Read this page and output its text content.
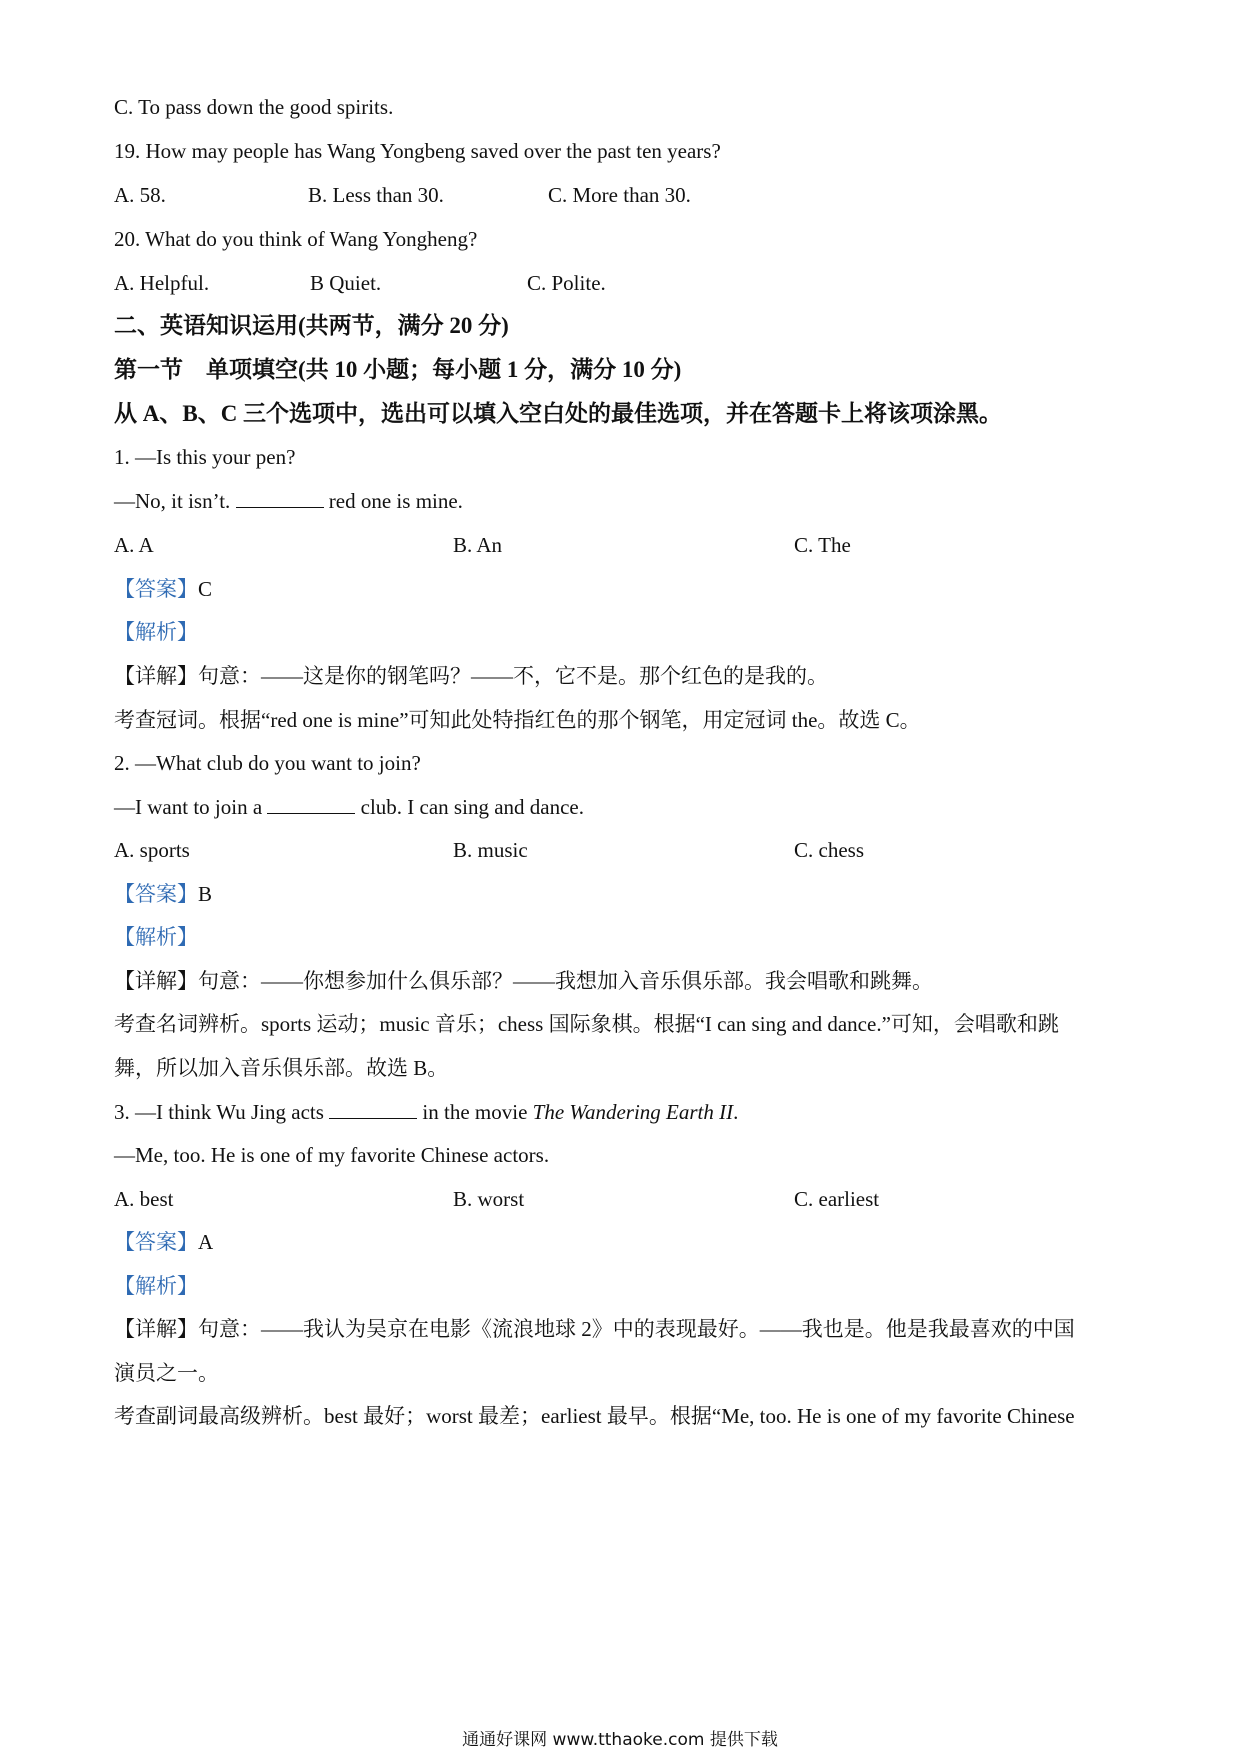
C. To pass down the good spirits.
19. How may people has Wang Yongbeng saved over the past ten years?
A. 58.	B. Less than 30.	C. More than 30.
20. What do you think of Wang Yongheng?
A. Helpful.	B Quiet.	C. Polite.
二、英语知识运用(共两节，满分 20 分)
第一节    单项填空(共 10 小题；每小题 1 分，满分 10 分)
从 A、B、C 三个选项中，选出可以填入空白处的最佳选项，并在答题卡上将该项涂黑。
1. —Is this your pen?
—No, it isn’t.	red one is mine.
A. A	B. An	C. The
【答案】C
【解析】
【详解】句意：——这是你的钢笔吗？——不，它不是。那个红色的是我的。
考查冠词。根据“red one is mine”可知此处特指红色的那个钢笔，用定冠词 the。故选 C。
2. —What club do you want to join?
—I want to join a	club. I can sing and dance.
A. sports	B. music	C. chess
【答案】B
【解析】
【详解】句意：——你想参加什么俱乐部？——我想加入音乐俱乐部。我会唱歌和跳舞。
考查名词辨析。sports 运动；music 音乐；chess 国际象棋。根据“I can sing and dance.”可知，会唱歌和跳
舞，所以加入音乐俱乐部。故选 B。
3. —I think Wu Jing acts	in the movie The Wandering Earth II.
—Me, too. He is one of my favorite Chinese actors.
A. best	B. worst	C. earliest
【答案】A
【解析】
【详解】句意：——我认为吴京在电影《流浪地球 2》中的表现最好。——我也是。他是我最喜欢的中国
演员之一。
考查副词最高级辨析。best 最好；worst 最差；earliest 最早。根据“Me, too. He is one of my favorite Chinese
通通好课网 www.tthaoke.com 提供下载
